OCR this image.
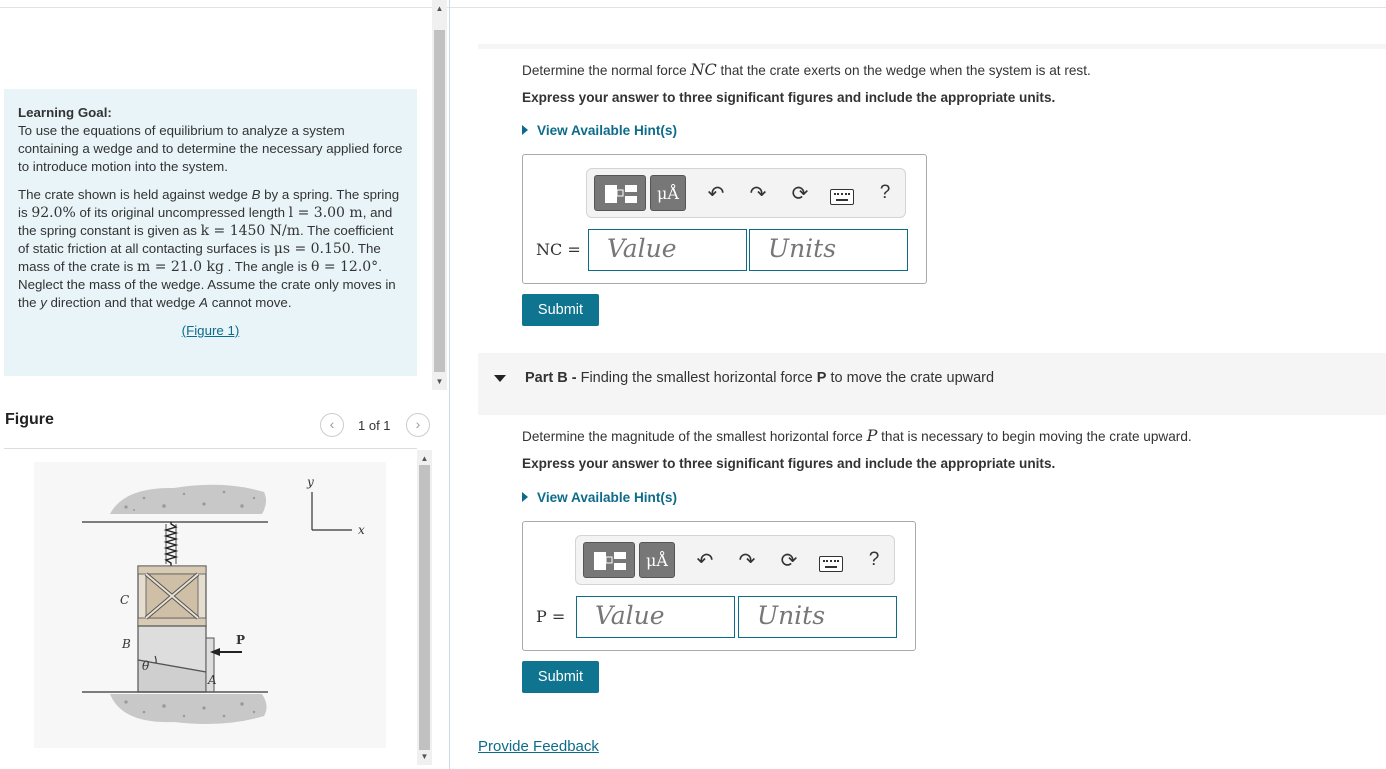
▲
▼

Learning Goal:
To use the equations of equilibrium to analyze a system containing a wedge and to determine the necessary applied force to introduce motion into the system.

The crate shown is held against wedge B by a spring. The spring is 92.0% of its original uncompressed length l = 3.00 m, and the spring constant is given as k = 1450 N/m. The coefficient of static friction at all contacting surfaces is μs = 0.150. The mass of the crate is m = 21.0 kg . The angle is θ = 12.0°. Neglect the mass of the wedge. Assume the crate only moves in the y direction and that wedge A cannot move.

(Figure 1)
Figure	‹	1 of 1	›
▲
▼
y
x
C
B
θ
A
P
Determine the normal force NC that the crate exerts on the wedge when the system is at rest.
Express your answer to three significant figures and include the appropriate units.
View Available Hint(s)
μÅ	↶ ↷ ⟳	?
NC =	Value	Units
Submit
Part B - Finding the smallest horizontal force P to move the crate upward
Determine the magnitude of the smallest horizontal force P that is necessary to begin moving the crate upward.
Express your answer to three significant figures and include the appropriate units.
View Available Hint(s)
μÅ	↶ ↷ ⟳	?
P =	Value	Units
Submit
Provide Feedback
